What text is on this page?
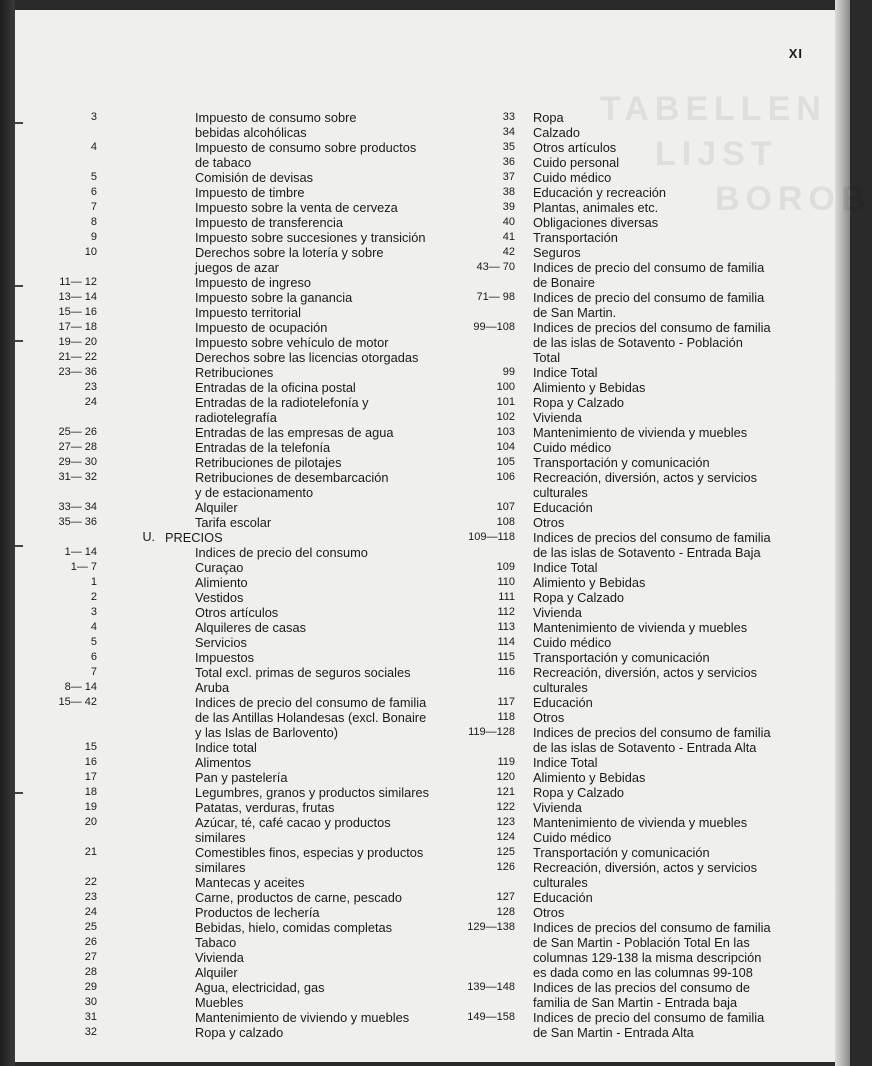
TABELLEN
LIJST
BOROB
XI
3	Impuesto de consumo sobre
bebidas alcohólicas
4	Impuesto de consumo sobre productos
de tabaco
5	Comisión de devisas
6	Impuesto de timbre
7	Impuesto sobre la venta de cerveza
8	Impuesto de transferencia
9	Impuesto sobre succesiones y transición
10	Derechos sobre la lotería y sobre
juegos de azar
11— 12	Impuesto de ingreso
13— 14	Impuesto sobre la ganancia
15— 16	Impuesto territorial
17— 18	Impuesto de ocupación
19— 20	Impuesto sobre vehículo de motor
21— 22	Derechos sobre las licencias otorgadas
23— 36	Retribuciones
23	Entradas de la oficina postal
24	Entradas de la radiotelefonía y
radiotelegrafía
25— 26	Entradas de las empresas de agua
27— 28	Entradas de la telefonía
29— 30	Retribuciones de pilotajes
31— 32	Retribuciones de desembarcación
y de estacionamento
33— 34	Alquiler
35— 36	Tarifa escolar
U. PRECIOS
1— 14	Indices de precio del consumo
1— 7	Curaçao
1	Alimiento
2	Vestidos
3	Otros artículos
4	Alquileres de casas
5	Servicios
6	Impuestos
7	Total excl. primas de seguros sociales
8— 14	Aruba
15— 42	Indices de precio del consumo de familia
de las Antillas Holandesas (excl. Bonaire
y las Islas de Barlovento)
15	Indice total
16	Alimentos
17	Pan y pastelería
18	Legumbres, granos y productos similares
19	Patatas, verduras, frutas
20	Azúcar, té, café cacao y productos
similares
21	Comestibles finos, especias y productos
similares
22	Mantecas y aceites
23	Carne, productos de carne, pescado
24	Productos de lechería
25	Bebidas, hielo, comidas completas
26	Tabaco
27	Vivienda
28	Alquiler
29	Agua, electricidad, gas
30	Muebles
31	Mantenimiento de viviendo y muebles
32	Ropa y calzado
33	Ropa
34	Calzado
35	Otros artículos
36	Cuido personal
37	Cuido médico
38	Educación y recreación
39	Plantas, animales etc.
40	Obligaciones diversas
41	Transportación
42	Seguros
43— 70	Indices de precio del consumo de familia
de Bonaire
71— 98	Indices de precio del consumo de familia
de San Martin.
99—108	Indices de precios del consumo de familia
de las islas de Sotavento - Población
Total
99	Indice Total
100	Alimiento y Bebidas
101	Ropa y Calzado
102	Vivienda
103	Mantenimiento de vivienda y muebles
104	Cuido médico
105	Transportación y comunicación
106	Recreación, diversión, actos y servicios
culturales
107	Educación
108	Otros
109—118	Indices de precios del consumo de familia
de las islas de Sotavento - Entrada Baja
109	Indice Total
110	Alimiento y Bebidas
111	Ropa y Calzado
112	Vivienda
113	Mantenimiento de vivienda y muebles
114	Cuido médico
115	Transportación y comunicación
116	Recreación, diversión, actos y servicios
culturales
117	Educación
118	Otros
119—128	Indices de precios del consumo de familia
de las islas de Sotavento - Entrada Alta
119	Indice Total
120	Alimiento y Bebidas
121	Ropa y Calzado
122	Vivienda
123	Mantenimiento de vivienda y muebles
124	Cuido médico
125	Transportación y comunicación
126	Recreación, diversión, actos y servicios
culturales
127	Educación
128	Otros
129—138	Indices de precios del consumo de familia
de San Martin - Población Total En las
columnas 129-138 la misma descripción
es dada como en las columnas 99-108
139—148	Indices de las precios del consumo de
familia de San Martin - Entrada baja
149—158	Indices de precio del consumo de familia
de San Martin - Entrada Alta
